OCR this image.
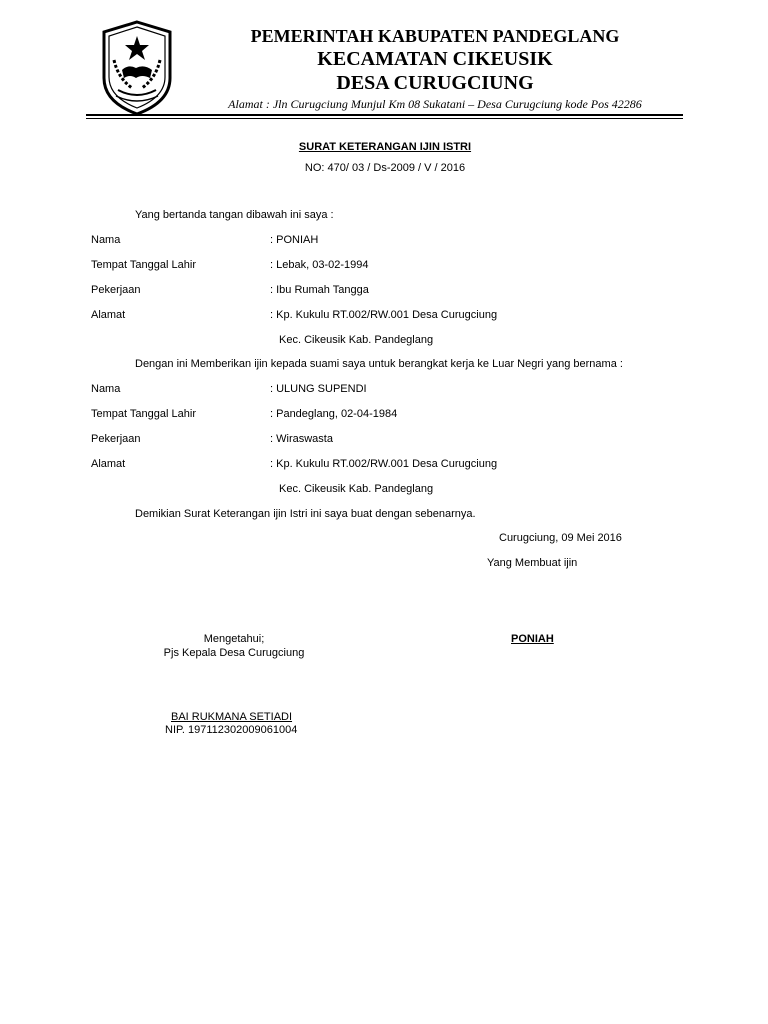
PEMERINTAH KABUPATEN PANDEGLANG
KECAMATAN CIKEUSIK
DESA CURUGCIUNG
Alamat : Jln Curugciung Munjul Km 08 Sukatani – Desa Curugciung kode Pos 42286
SURAT KETERANGAN IJIN ISTRI
NO: 470/ 03 / Ds-2009 / V / 2016
Yang bertanda tangan dibawah ini saya :
Nama	: PONIAH
Tempat Tanggal Lahir	: Lebak, 03-02-1994
Pekerjaan	: Ibu Rumah Tangga
Alamat	: Kp. Kukulu RT.002/RW.001 Desa Curugciung
Kec. Cikeusik Kab. Pandeglang
Dengan ini Memberikan ijin kepada suami saya untuk berangkat kerja ke Luar Negri yang bernama :
Nama	: ULUNG SUPENDI
Tempat Tanggal Lahir	: Pandeglang, 02-04-1984
Pekerjaan	: Wiraswasta
Alamat	: Kp. Kukulu RT.002/RW.001 Desa Curugciung
Kec. Cikeusik Kab. Pandeglang
Demikian Surat Keterangan ijin Istri ini saya buat dengan sebenarnya.
Curugciung, 09 Mei 2016
Yang Membuat ijin
Mengetahui;
Pjs Kepala Desa Curugciung
PONIAH
BAI RUKMANA SETIADI
NIP. 197112302009061004
